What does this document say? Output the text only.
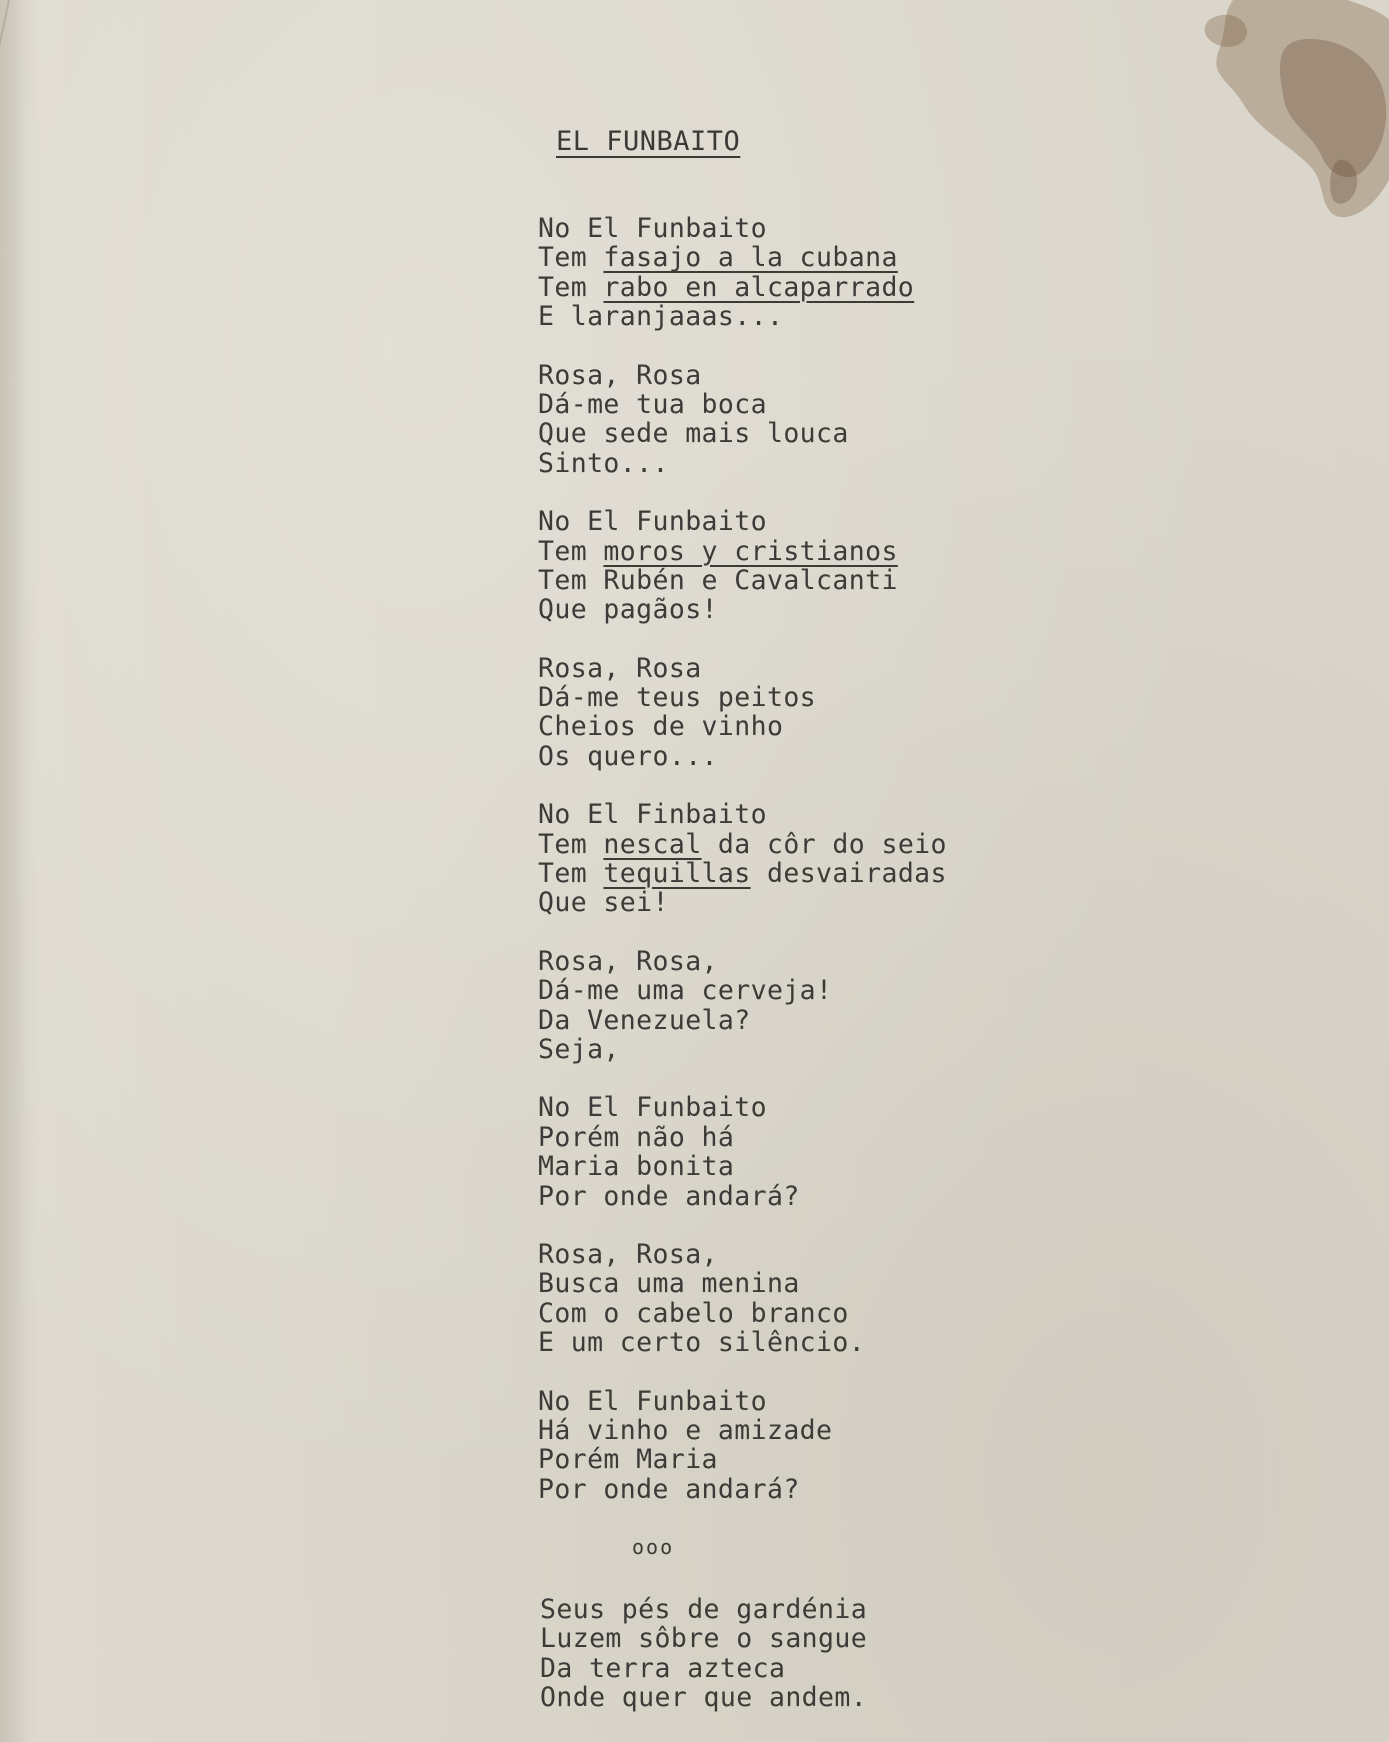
EL FUNBAITO
No El Funbaito
Tem fasajo a la cubana
Tem rabo en alcaparrado
E laranjaaas...
Rosa, Rosa
Dá-me tua boca
Que sede mais louca
Sinto...
No El Funbaito
Tem moros y cristianos
Tem Rubén e Cavalcanti
Que pagãos!
Rosa, Rosa
Dá-me teus peitos
Cheios de vinho
Os quero...
No El Finbaito
Tem nescal da côr do seio
Tem tequillas desvairadas
Que sei!
Rosa, Rosa,
Dá-me uma cerveja!
Da Venezuela?
Seja,
No El Funbaito
Porém não há
Maria bonita
Por onde andará?
Rosa, Rosa,
Busca uma menina
Com o cabelo branco
E um certo silêncio.
No El Funbaito
Há vinho e amizade
Porém Maria
Por onde andará?
ooo
Seus pés de gardénia
Luzem sôbre o sangue
Da terra azteca
Onde quer que andem.
